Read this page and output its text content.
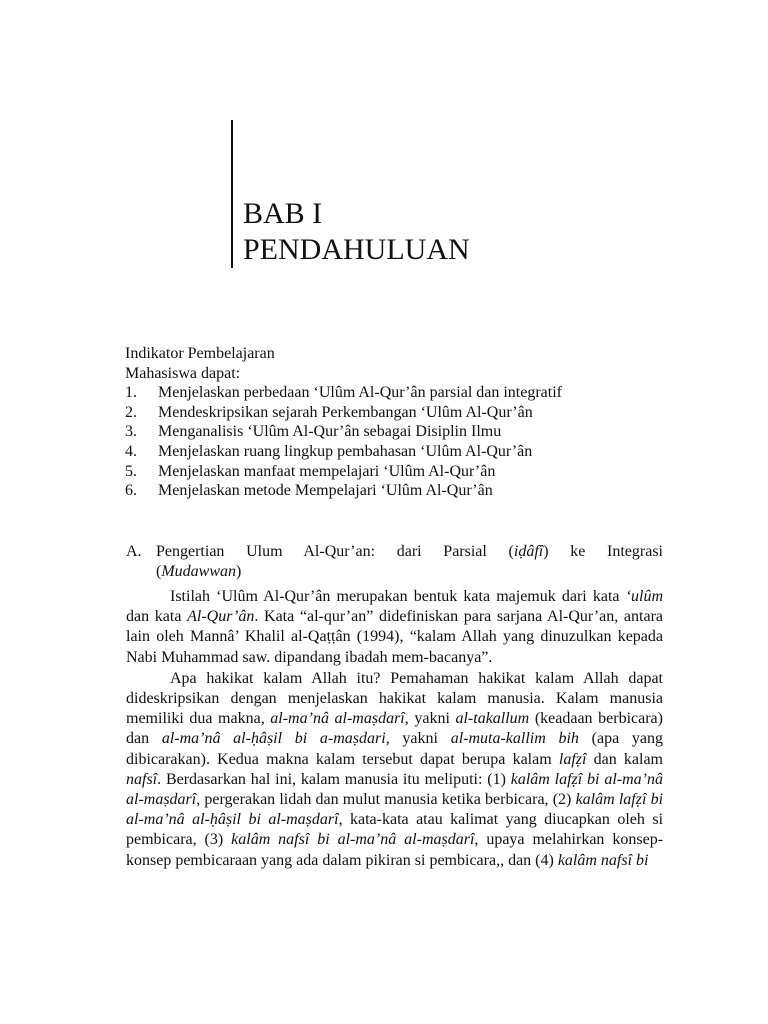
BAB I
PENDAHULUAN
Indikator Pembelajaran
Mahasiswa dapat:
1. Menjelaskan perbedaan ‘Ulûm Al-Qur’ân parsial dan integratif
2. Mendeskripsikan sejarah Perkembangan ‘Ulûm Al-Qur’ân
3. Menganalisis ‘Ulûm Al-Qur’ân sebagai Disiplin Ilmu
4. Menjelaskan ruang lingkup pembahasan ‘Ulûm Al-Qur’ân
5. Menjelaskan manfaat mempelajari ‘Ulûm Al-Qur’ân
6. Menjelaskan metode Mempelajari ‘Ulûm Al-Qur’ân
A. Pengertian Ulum Al-Qur’an: dari Parsial (iḍâfî) ke Integrasi
(Mudawwan)

Istilah ‘Ulûm Al-Qur’ân merupakan bentuk kata majemuk dari kata ‘ulûm dan kata Al-Qur’ân. Kata “al-qur’an” didefiniskan para sarjana Al-Qur’an, antara lain oleh Mannâ’ Khalil al-Qaṭṭân (1994), “kalam Allah yang dinuzulkan kepada Nabi Muhammad saw. dipandang ibadah mem-bacanya”.

Apa hakikat kalam Allah itu? Pemahaman hakikat kalam Allah dapat dideskripsikan dengan menjelaskan hakikat kalam manusia. Kalam manusia memiliki dua makna, al-ma’nâ al-maṣdarî, yakni al-takallum (keadaan berbicara) dan al-ma’nâ al-ḥâṣil bi a-maṣdari, yakni al-muta-kallim bih (apa yang dibicarakan). Kedua makna kalam tersebut dapat berupa kalam lafẓî dan kalam nafsî. Berdasarkan hal ini, kalam manusia itu meliputi: (1) kalâm lafẓî bi al-ma’nâ al-maṣdarî, pergerakan lidah dan mulut manusia ketika berbicara, (2) kalâm lafẓî bi al-ma’nâ al-ḥâṣil bi al-maṣdarî, kata-kata atau kalimat yang diucapkan oleh si pembicara, (3) kalâm nafsî bi al-ma’nâ al-maṣdarî, upaya melahirkan konsep-konsep pembicaraan yang ada dalam pikiran si pembicara,, dan (4) kalâm nafsî bi
